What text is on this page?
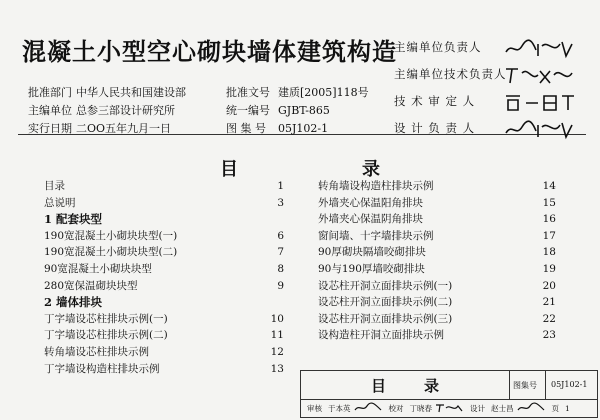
混凝土小型空心砌块墙体建筑构造
批准部门 中华人民共和国建设部	批准文号 建质[2005]118号
主编单位 总参三部设计研究所	统一编号 GJBT-865
实行日期 二OO五年九月一日	图 集 号	05J102-1
主编单位负责人
主编单位技术负责人
技 术 审 定 人
设 计 负 责 人
目	录
目录	1
总说明	3
1 配套块型
190宽混凝土小砌块块型(一)	6
190宽混凝土小砌块块型(二)	7
90宽混凝土小砌块块型	8
280宽保温砌块块型	9
2 墙体排块
丁字墙设芯柱排块示例(一)	10
丁字墙设芯柱排块示例(二)	11
转角墙设芯柱排块示例	12
丁字墙设构造柱排块示例	13
转角墙设构造柱排块示例	14
外墙夹心保温阳角排块	15
外墙夹心保温阴角排块	16
窗间墙、十字墙排块示例	17
90厚砌块隔墙咬砌排块	18
90与190厚墙咬砌排块	19
设芯柱开洞立面排块示例(一)	20
设芯柱开洞立面排块示例(二)	21
设芯柱开洞立面排块示例(三)	22
设构造柱开洞立面排块示例	23
目	录	图集号 05J102-1
审核 于本英	校对 丁晓春	设计 赵士昌	页 1
